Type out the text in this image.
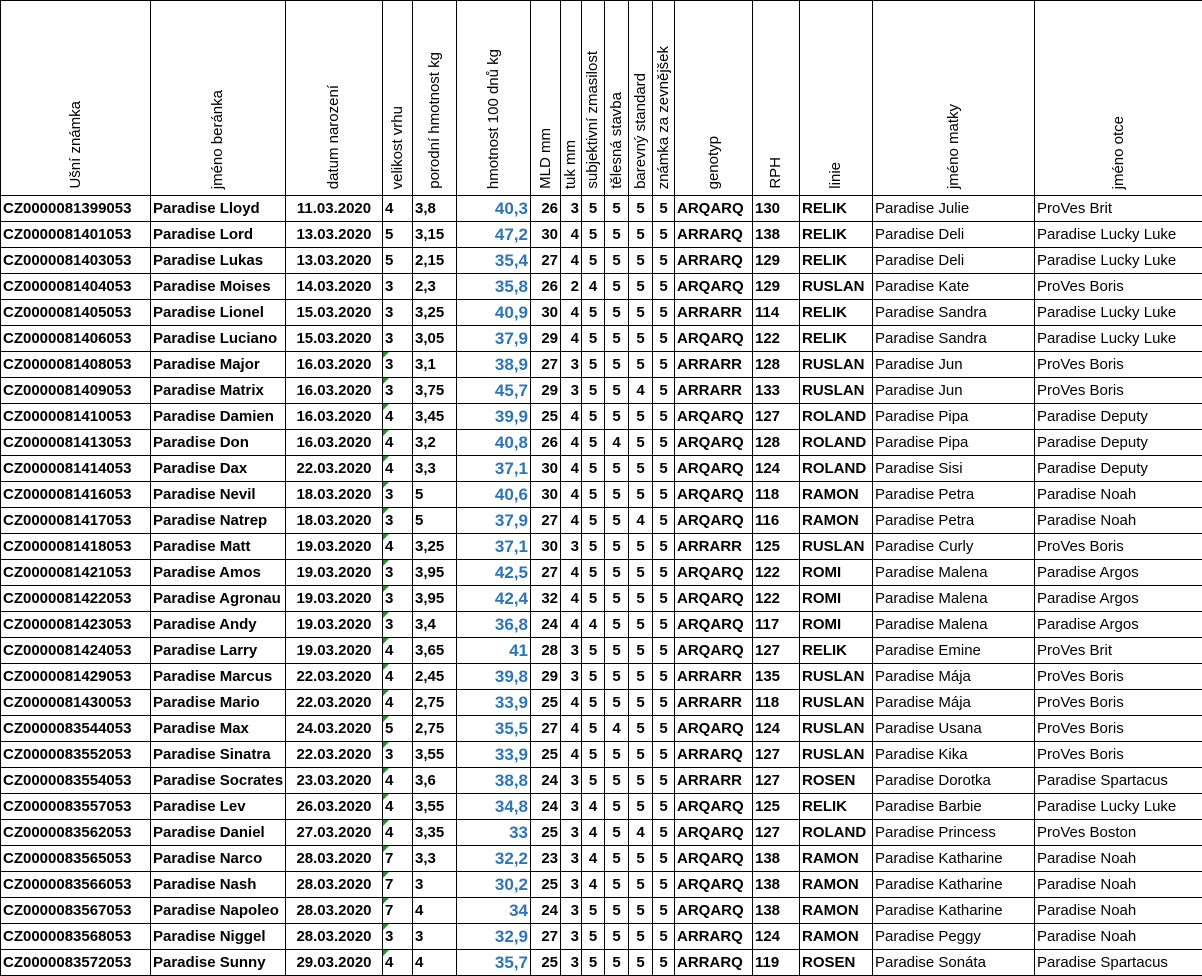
Ušní známka	jméno beránka	datum narození	velikost vrhu	porodní hmotnost kg	hmotnost 100 dnů kg	MLD mm	tuk mm	subjektivní zmasilost	tělesná stavba	barevný standard	známka za zevnějšek	genotyp	RPH	linie	jméno matky	jméno otce

CZ0000081399053	Paradise Lloyd	11.03.2020	4	3,8	40,3	26	3	5	5	5	5	ARQARQ	130	RELIK	Paradise Julie	ProVes Brit
CZ0000081401053	Paradise Lord	13.03.2020	5	3,15	47,2	30	4	5	5	5	5	ARRARQ	138	RELIK	Paradise Deli	Paradise Lucky Luke
CZ0000081403053	Paradise Lukas	13.03.2020	5	2,15	35,4	27	4	5	5	5	5	ARRARQ	129	RELIK	Paradise Deli	Paradise Lucky Luke
CZ0000081404053	Paradise Moises	14.03.2020	3	2,3	35,8	26	2	4	5	5	5	ARQARQ	129	RUSLAN	Paradise Kate	ProVes Boris
CZ0000081405053	Paradise Lionel	15.03.2020	3	3,25	40,9	30	4	5	5	5	5	ARRARR	114	RELIK	Paradise Sandra	Paradise Lucky Luke
CZ0000081406053	Paradise Luciano	15.03.2020	3	3,05	37,9	29	4	5	5	5	5	ARQARQ	122	RELIK	Paradise Sandra	Paradise Lucky Luke
CZ0000081408053	Paradise Major	16.03.2020	3	3,1	38,9	27	3	5	5	5	5	ARRARR	128	RUSLAN	Paradise Jun	ProVes Boris
CZ0000081409053	Paradise Matrix	16.03.2020	3	3,75	45,7	29	3	5	5	4	5	ARRARR	133	RUSLAN	Paradise Jun	ProVes Boris
CZ0000081410053	Paradise Damien	16.03.2020	4	3,45	39,9	25	4	5	5	5	5	ARQARQ	127	ROLAND	Paradise Pipa	Paradise Deputy
CZ0000081413053	Paradise Don	16.03.2020	4	3,2	40,8	26	4	5	4	5	5	ARQARQ	128	ROLAND	Paradise Pipa	Paradise Deputy
CZ0000081414053	Paradise Dax	22.03.2020	4	3,3	37,1	30	4	5	5	5	5	ARQARQ	124	ROLAND	Paradise Sisi	Paradise Deputy
CZ0000081416053	Paradise Nevil	18.03.2020	3	5	40,6	30	4	5	5	5	5	ARQARQ	118	RAMON	Paradise Petra	Paradise Noah
CZ0000081417053	Paradise Natrep	18.03.2020	3	5	37,9	27	4	5	5	4	5	ARQARQ	116	RAMON	Paradise Petra	Paradise Noah
CZ0000081418053	Paradise Matt	19.03.2020	4	3,25	37,1	30	3	5	5	5	5	ARRARR	125	RUSLAN	Paradise Curly	ProVes Boris
CZ0000081421053	Paradise Amos	19.03.2020	3	3,95	42,5	27	4	5	5	5	5	ARQARQ	122	ROMI	Paradise Malena	Paradise Argos
CZ0000081422053	Paradise Agronau	19.03.2020	3	3,95	42,4	32	4	5	5	5	5	ARQARQ	122	ROMI	Paradise Malena	Paradise Argos
CZ0000081423053	Paradise Andy	19.03.2020	3	3,4	36,8	24	4	4	5	5	5	ARQARQ	117	ROMI	Paradise Malena	Paradise Argos
CZ0000081424053	Paradise Larry	19.03.2020	4	3,65	41	28	3	5	5	5	5	ARQARQ	127	RELIK	Paradise Emine	ProVes Brit
CZ0000081429053	Paradise Marcus	22.03.2020	4	2,45	39,8	29	3	5	5	5	5	ARRARR	135	RUSLAN	Paradise Mája	ProVes Boris
CZ0000081430053	Paradise Mario	22.03.2020	4	2,75	33,9	25	4	5	5	5	5	ARRARR	118	RUSLAN	Paradise Mája	ProVes Boris
CZ0000083544053	Paradise Max	24.03.2020	5	2,75	35,5	27	4	5	4	5	5	ARQARQ	124	RUSLAN	Paradise Usana	ProVes Boris
CZ0000083552053	Paradise Sinatra	22.03.2020	3	3,55	33,9	25	4	5	5	5	5	ARRARQ	127	RUSLAN	Paradise Kika	ProVes Boris
CZ0000083554053	Paradise Socrates	23.03.2020	4	3,6	38,8	24	3	5	5	5	5	ARRARR	127	ROSEN	Paradise Dorotka	Paradise Spartacus
CZ0000083557053	Paradise Lev	26.03.2020	4	3,55	34,8	24	3	4	5	5	5	ARQARQ	125	RELIK	Paradise Barbie	Paradise Lucky Luke
CZ0000083562053	Paradise Daniel	27.03.2020	4	3,35	33	25	3	4	5	4	5	ARQARQ	127	ROLAND	Paradise Princess	ProVes Boston
CZ0000083565053	Paradise Narco	28.03.2020	7	3,3	32,2	23	3	4	5	5	5	ARQARQ	138	RAMON	Paradise Katharine	Paradise Noah
CZ0000083566053	Paradise Nash	28.03.2020	7	3	30,2	25	3	4	5	5	5	ARQARQ	138	RAMON	Paradise Katharine	Paradise Noah
CZ0000083567053	Paradise Napoleo	28.03.2020	7	4	34	24	3	5	5	5	5	ARQARQ	138	RAMON	Paradise Katharine	Paradise Noah
CZ0000083568053	Paradise Niggel	28.03.2020	3	3	32,9	27	3	5	5	5	5	ARRARQ	124	RAMON	Paradise Peggy	Paradise Noah
CZ0000083572053	Paradise Sunny	29.03.2020	4	4	35,7	25	3	5	5	5	5	ARRARQ	119	ROSEN	Paradise Sonáta	Paradise Spartacus
